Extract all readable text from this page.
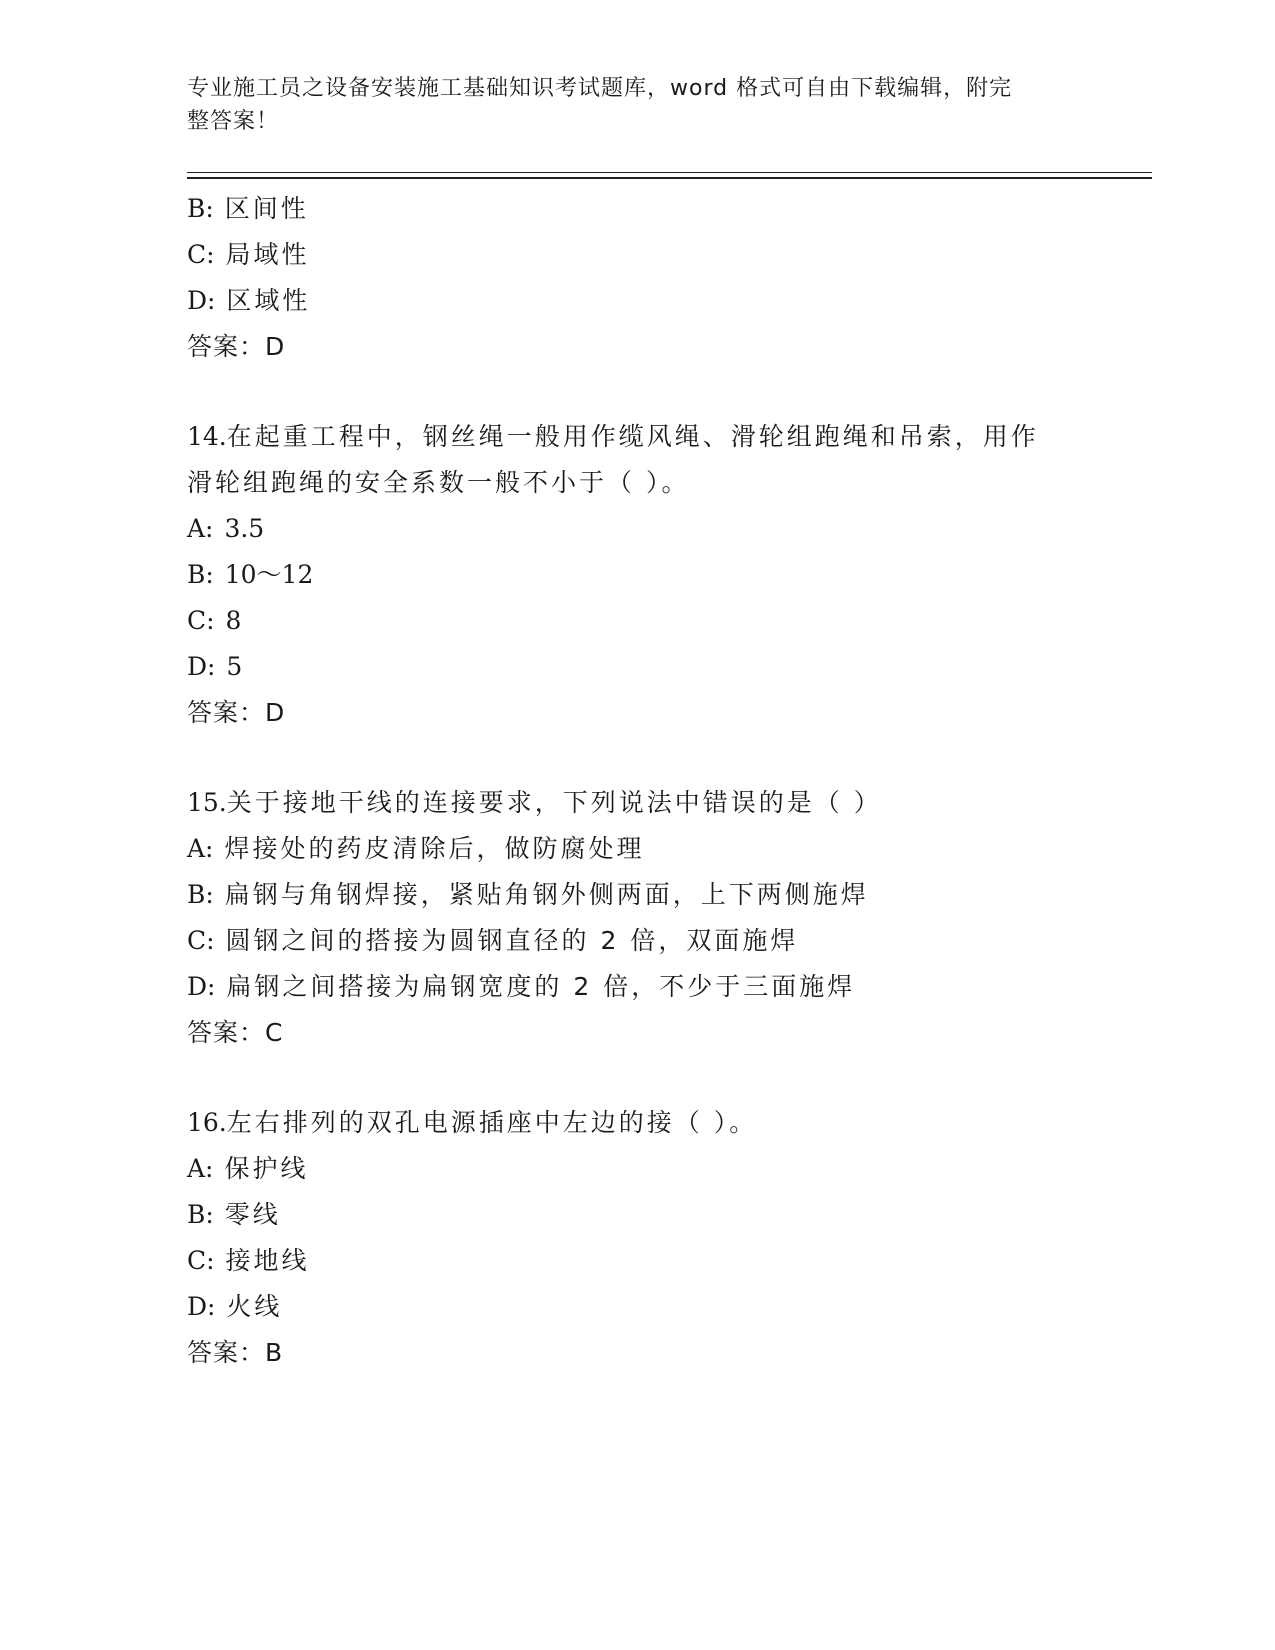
专业施工员之设备安装施工基础知识考试题库，word 格式可自由下载编辑，附完
整答案！
B: 区间性
C: 局域性
D: 区域性
答案：D
14.在起重工程中，钢丝绳一般用作缆风绳、滑轮组跑绳和吊索，用作
滑轮组跑绳的安全系数一般不小于（ ）。
A: 3.5
B: 10～12
C: 8
D: 5
答案：D
15.关于接地干线的连接要求，下列说法中错误的是（ ）
A: 焊接处的药皮清除后，做防腐处理
B: 扁钢与角钢焊接，紧贴角钢外侧两面，上下两侧施焊
C: 圆钢之间的搭接为圆钢直径的 2 倍，双面施焊
D: 扁钢之间搭接为扁钢宽度的 2 倍，不少于三面施焊
答案：C
16.左右排列的双孔电源插座中左边的接（ ）。
A: 保护线
B: 零线
C: 接地线
D: 火线
答案：B
